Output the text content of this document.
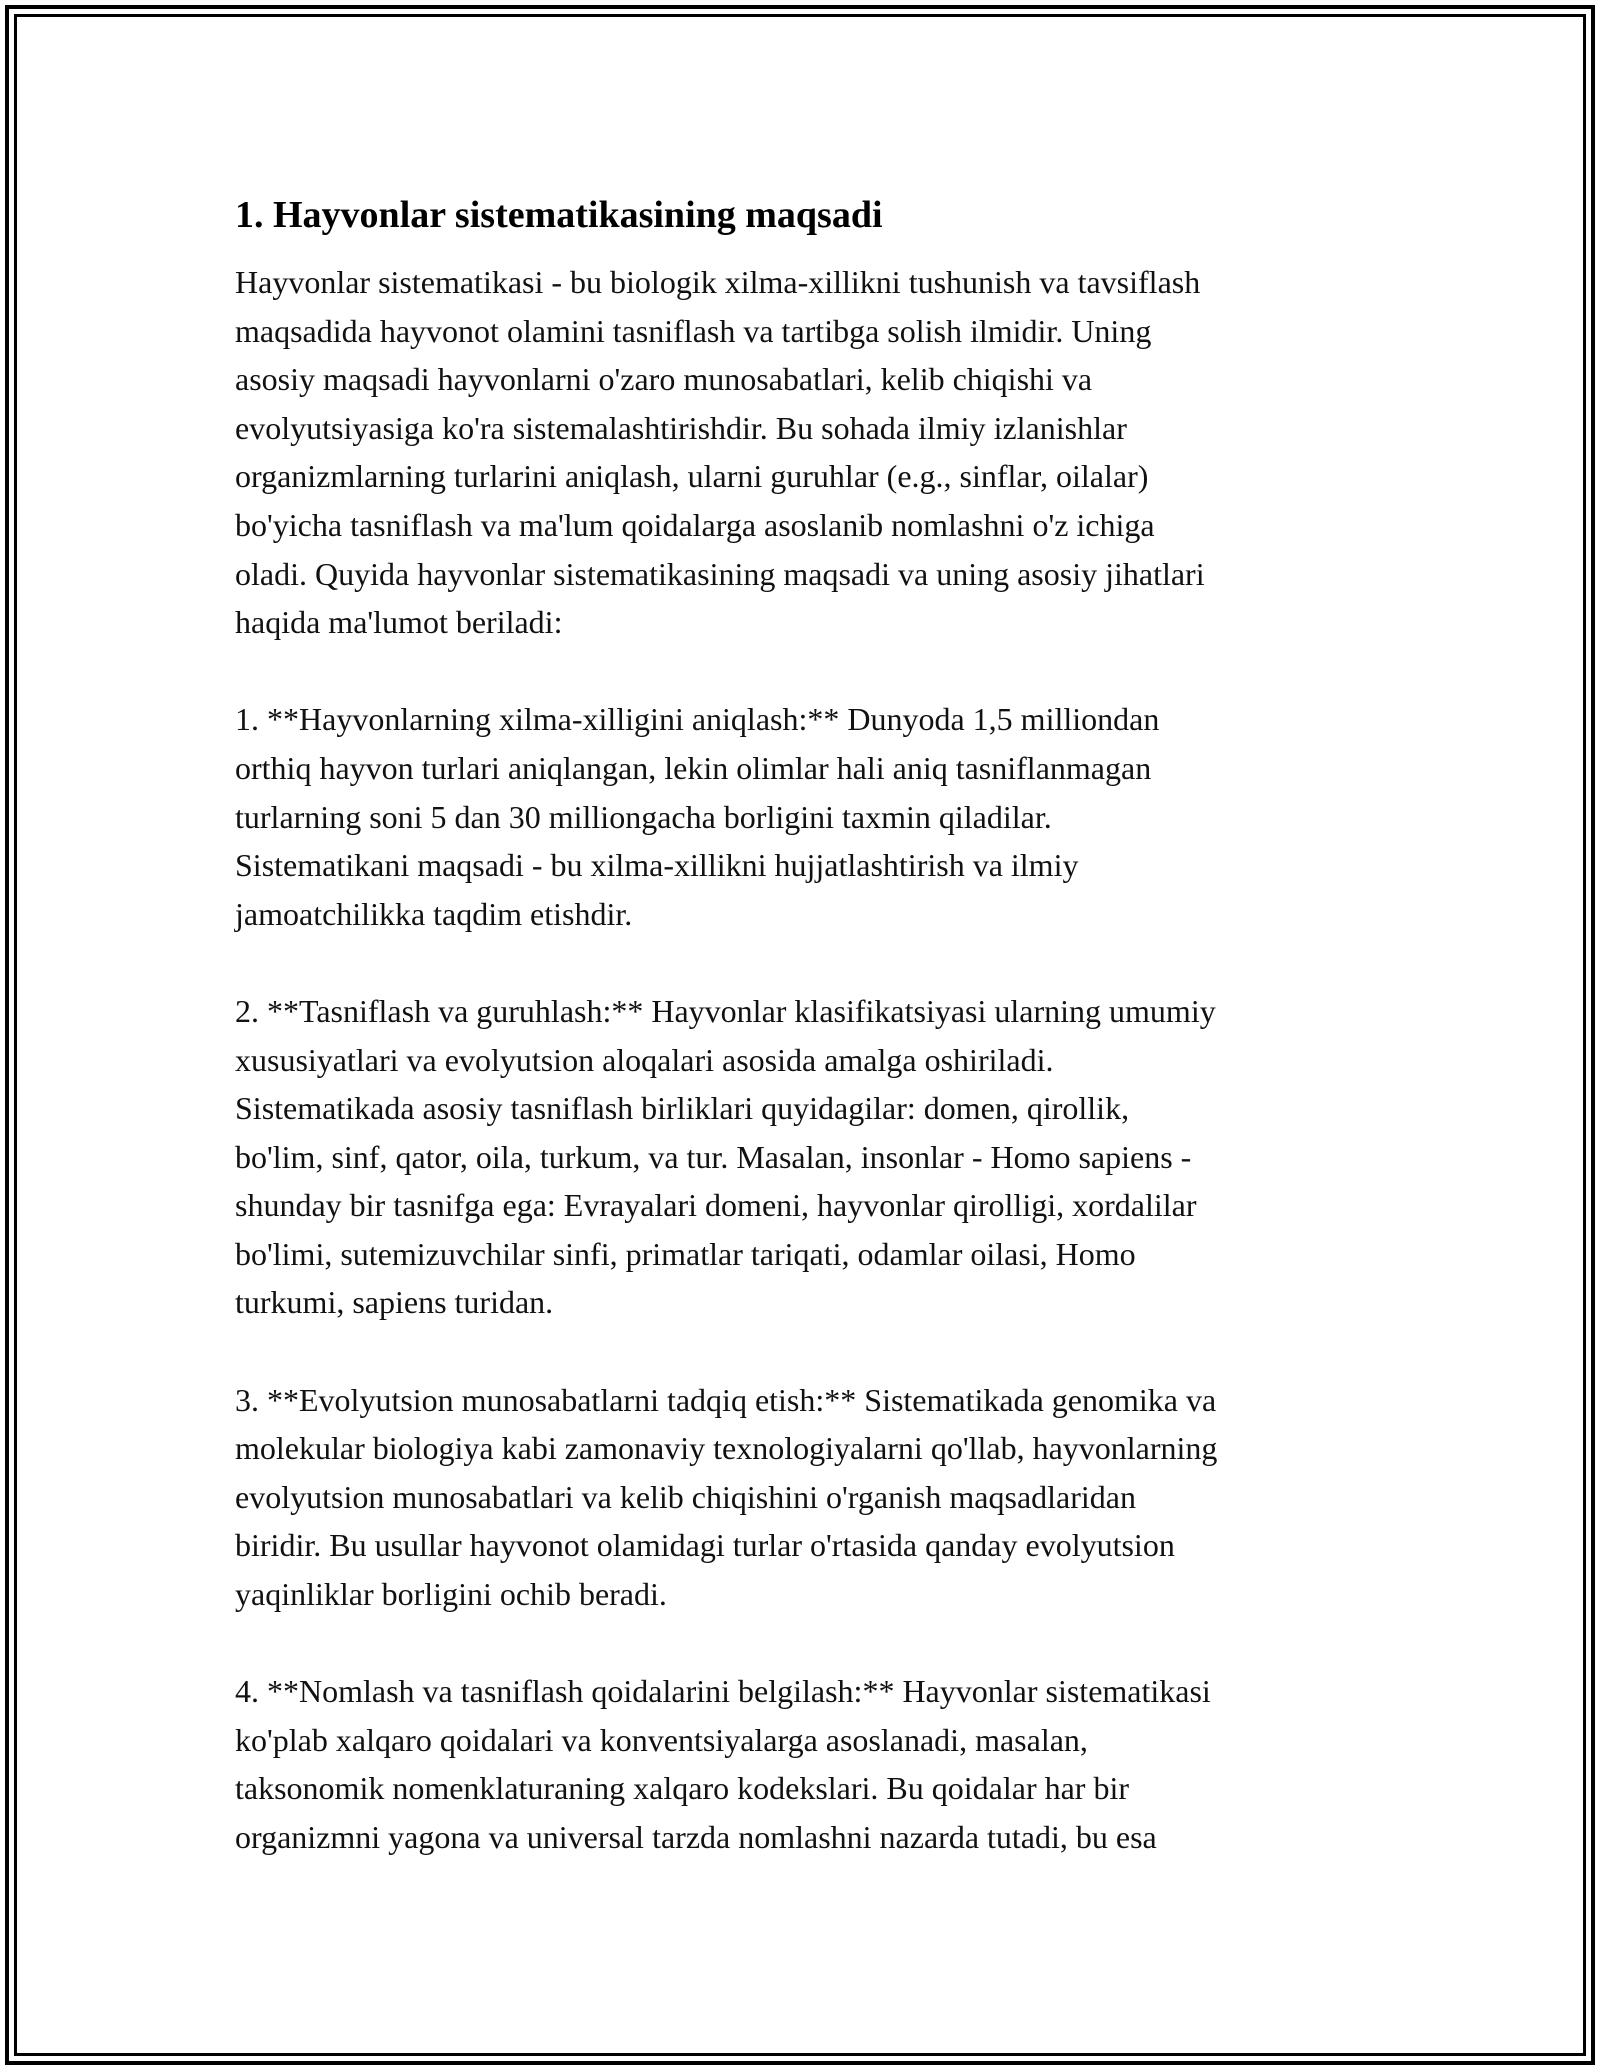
1. Hayvonlar sistematikasining maqsadi

Hayvonlar sistematikasi - bu biologik xilma-xillikni tushunish va tavsiflash
maqsadida hayvonot olamini tasniflash va tartibga solish ilmidir. Uning
asosiy maqsadi hayvonlarni o'zaro munosabatlari, kelib chiqishi va
evolyutsiyasiga ko'ra sistemalashtirishdir. Bu sohada ilmiy izlanishlar
organizmlarning turlarini aniqlash, ularni guruhlar (e.g., sinflar, oilalar)
bo'yicha tasniflash va ma'lum qoidalarga asoslanib nomlashni o'z ichiga
oladi. Quyida hayvonlar sistematikasining maqsadi va uning asosiy jihatlari
haqida ma'lumot beriladi:

1. **Hayvonlarning xilma-xilligini aniqlash:** Dunyoda 1,5 milliondan
orthiq hayvon turlari aniqlangan, lekin olimlar hali aniq tasniflanmagan
turlarning soni 5 dan 30 milliongacha borligini taxmin qiladilar.
Sistematikani maqsadi - bu xilma-xillikni hujjatlashtirish va ilmiy
jamoatchilikka taqdim etishdir.

2. **Tasniflash va guruhlash:** Hayvonlar klasifikatsiyasi ularning umumiy
xususiyatlari va evolyutsion aloqalari asosida amalga oshiriladi.
Sistematikada asosiy tasniflash birliklari quyidagilar: domen, qirollik,
bo'lim, sinf, qator, oila, turkum, va tur. Masalan, insonlar - Homo sapiens -
shunday bir tasnifga ega: Evrayalari domeni, hayvonlar qirolligi, xordalilar
bo'limi, sutemizuvchilar sinfi, primatlar tariqati, odamlar oilasi, Homo
turkumi, sapiens turidan.

3. **Evolyutsion munosabatlarni tadqiq etish:** Sistematikada genomika va
molekular biologiya kabi zamonaviy texnologiyalarni qo'llab, hayvonlarning
evolyutsion munosabatlari va kelib chiqishini o'rganish maqsadlaridan
biridir. Bu usullar hayvonot olamidagi turlar o'rtasida qanday evolyutsion
yaqinliklar borligini ochib beradi.

4. **Nomlash va tasniflash qoidalarini belgilash:** Hayvonlar sistematikasi
ko'plab xalqaro qoidalari va konventsiyalarga asoslanadi, masalan,
taksonomik nomenklaturaning xalqaro kodekslari. Bu qoidalar har bir
organizmni yagona va universal tarzda nomlashni nazarda tutadi, bu esa
